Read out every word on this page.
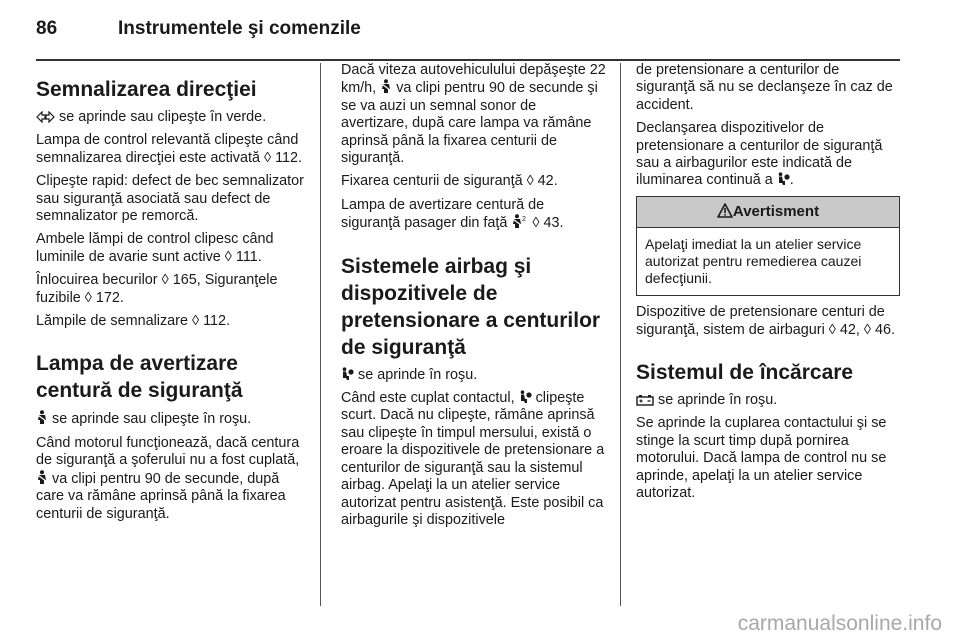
86	Instrumentele şi comenzile
Semnalizarea direcţiei

se aprinde sau clipeşte în verde.

Lampa de control relevantă clipeşte când semnalizarea direcţiei este activată ◊ 112.

Clipeşte rapid: defect de bec semnalizator sau siguranţă asociată sau defect de semnalizator pe remorcă.

Ambele lămpi de control clipesc când luminile de avarie sunt active ◊ 111.

Înlocuirea becurilor ◊ 165, Siguranţele fuzibile ◊ 172.

Lămpile de semnalizare ◊ 112.

Lampa de avertizare centură de siguranţă

se aprinde sau clipeşte în roşu.

Când motorul funcţionează, dacă centura de siguranţă a şoferului nu a fost cuplată,  va clipi pentru 90 de secunde, după care va rămâne aprinsă până la fixarea centurii de siguranţă.

Dacă viteza autovehiculului depăşeşte 22 km/h, va clipi pentru 90 de secunde şi se va auzi un semnal sonor de avertizare, după care lampa va rămâne aprinsă până la fixarea centurii de siguranţă.

Fixarea centurii de siguranţă ◊ 42.

Lampa de avertizare centură de siguranţă pasager din faţă 2 ◊ 43.

Sistemele airbag şi dispozitivele de pretensionare a centurilor de siguranţă

se aprinde în roşu.

Când este cuplat contactul, clipeşte scurt. Dacă nu clipeşte, rămâne aprinsă sau clipeşte în timpul mersului, există o eroare la dispozitivele de pretensionare a centurilor de siguranţă sau la sistemul airbag. Apelaţi la un atelier service autorizat pentru asistenţă. Este posibil ca airbagurile şi dispozitivele

de pretensionare a centurilor de siguranţă să nu se declanşeze în caz de accident.

Declanşarea dispozitivelor de pretensionare a centurilor de siguranţă sau a airbagurilor este indicată de iluminarea continuă a .

Avertisment
Apelaţi imediat la un atelier service autorizat pentru remedierea cauzei defecţiunii.

Dispozitive de pretensionare centuri de siguranţă, sistem de airbaguri ◊ 42, ◊ 46.

Sistemul de încărcare

se aprinde în roşu.

Se aprinde la cuplarea contactului şi se stinge la scurt timp după pornirea motorului. Dacă lampa de control nu se aprinde, apelaţi la un atelier service autorizat.

carmanualsonline.info
